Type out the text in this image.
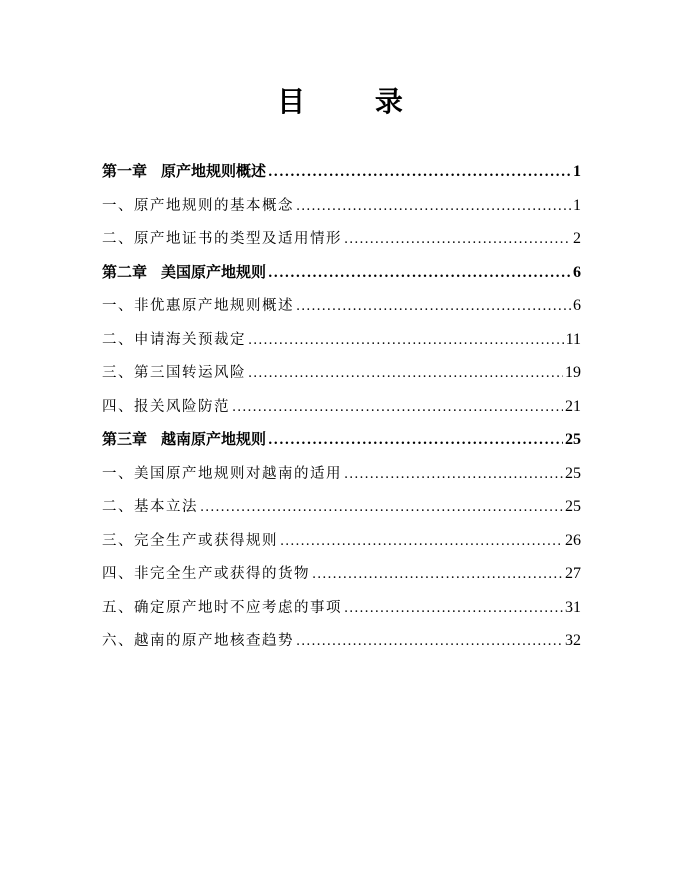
目 录
第一章 原产地规则概述 .....	1
一、原产地规则的基本概念 .....	1
二、原产地证书的类型及适用情形 .....	2
第二章 美国原产地规则 .....	6
一、非优惠原产地规则概述 .....	6
二、申请海关预裁定 .....	11
三、第三国转运风险 .....	19
四、报关风险防范 .....	21
第三章 越南原产地规则 .....	25
一、美国原产地规则对越南的适用 .....	25
二、基本立法 .....	25
三、完全生产或获得规则 .....	26
四、非完全生产或获得的货物 .....	27
五、确定原产地时不应考虑的事项 .....	31
六、越南的原产地核查趋势 .....	32
